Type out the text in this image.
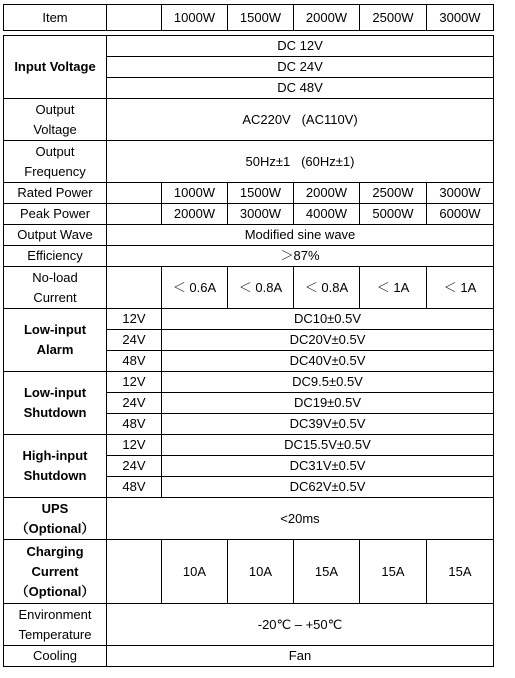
Item		1000W	1500W	2000W	2500W	3000W

Input Voltage	DC 12V					
	DC 24V					
	DC 48V					

Output
Voltage	AC220V   (AC110V)					

Output
Frequency	50Hz±1   (60Hz±1)					
Rated Power		1000W	1500W	2000W	2500W	3000W
Peak Power		2000W	3000W	4000W	5000W	6000W
Output Wave	Modified sine wave					
Efficiency	＞87%					

No-load
Current		＜ 0.6A	＜ 0.8A	＜ 0.8A	＜ 1A	＜ 1A

Low-input
Alarm	12V	DC10±0.5V				
	24V	DC20V±0.5V				
	48V	DC40V±0.5V				

Low-input
Shutdown	12V	DC9.5±0.5V				
	24V	DC19±0.5V				
	48V	DC39V±0.5V				

High-input
Shutdown	12V	DC15.5V±0.5V				
	24V	DC31V±0.5V				
	48V	DC62V±0.5V				

UPS
（Optional）	<20ms					

Charging
Current
（Optional）		10A	10A	15A	15A	15A

Environment
Temperature	-20℃ – +50℃					
Cooling	Fan					
